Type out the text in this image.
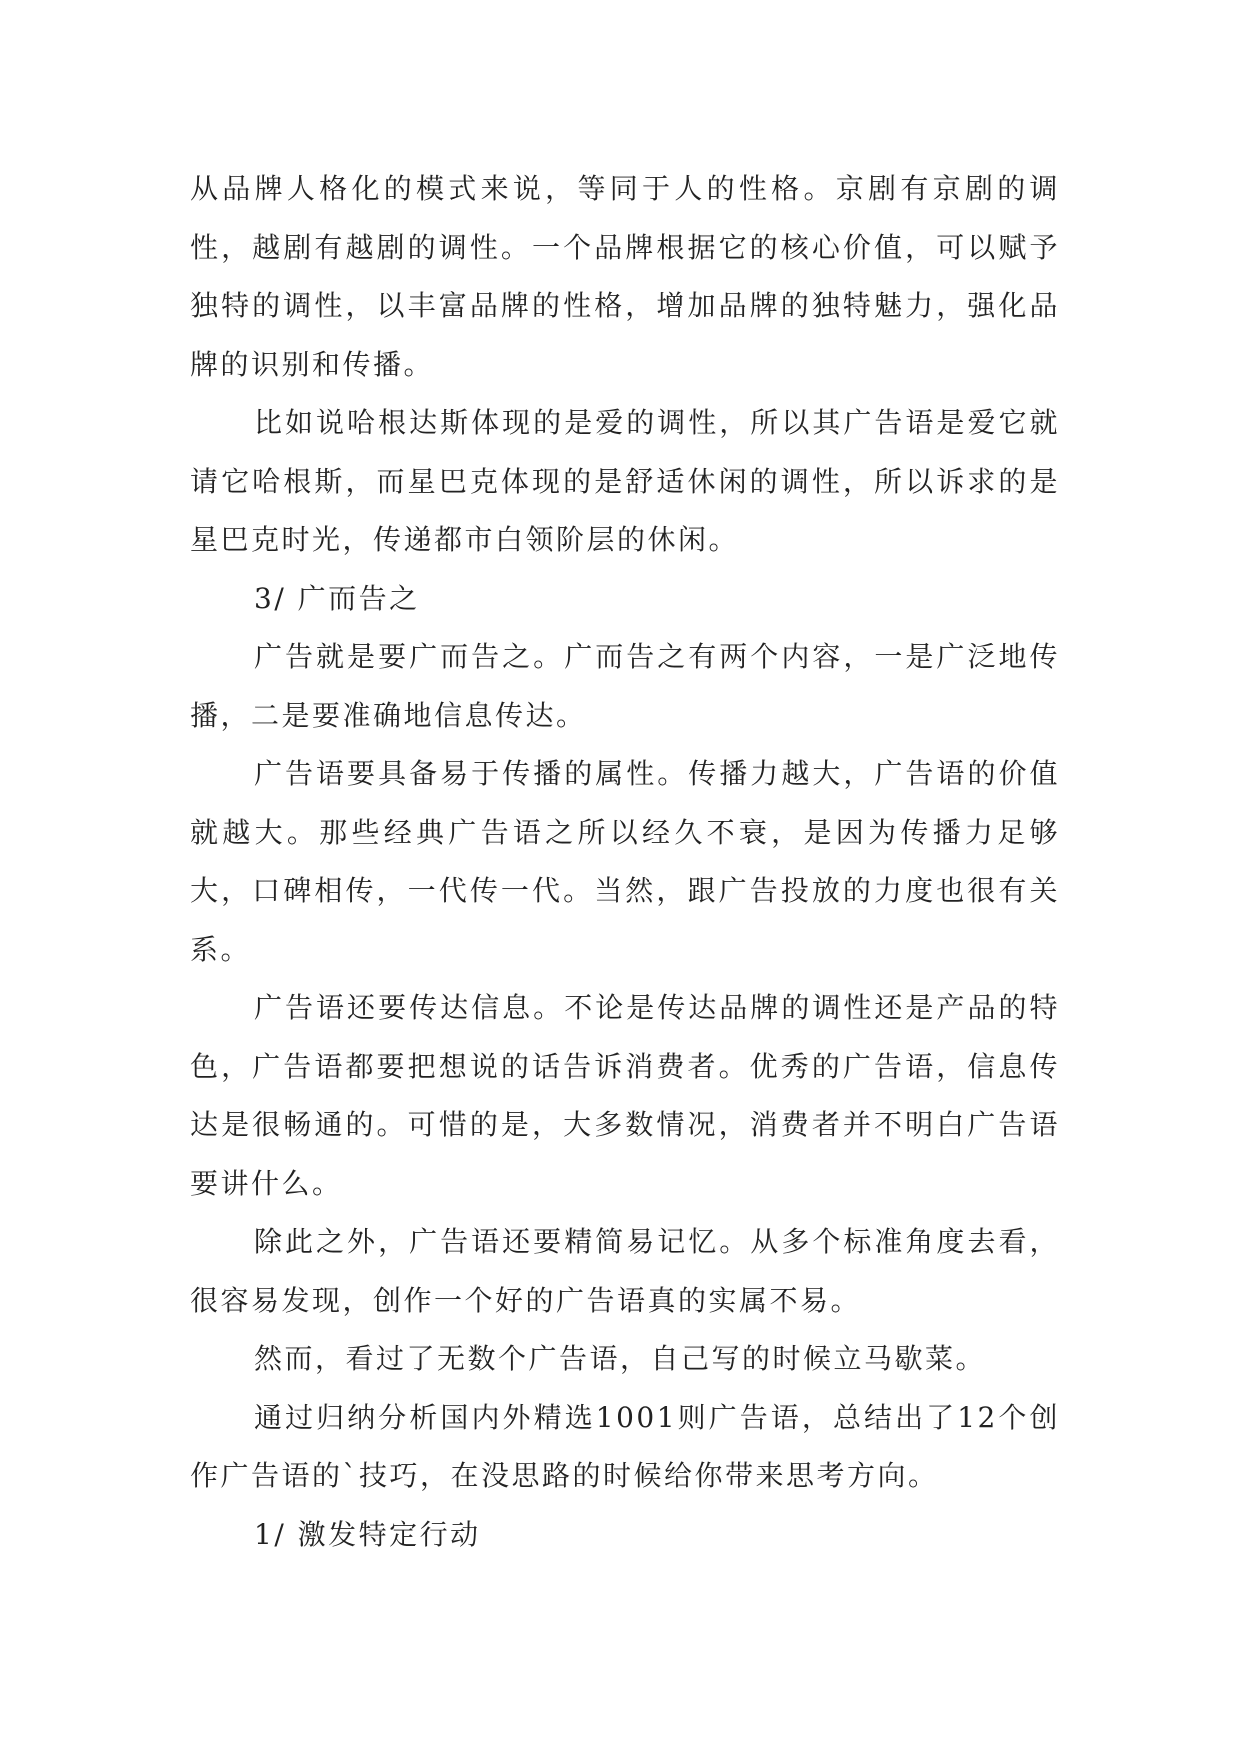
从品牌人格化的模式来说，等同于人的性格。京剧有京剧的调性，越剧有越剧的调性。一个品牌根据它的核心价值，可以赋予独特的调性，以丰富品牌的性格，增加品牌的独特魅力，强化品牌的识别和传播。

比如说哈根达斯体现的是爱的调性，所以其广告语是爱它就请它哈根斯，而星巴克体现的是舒适休闲的调性，所以诉求的是星巴克时光，传递都市白领阶层的休闲。

3/ 广而告之

广告就是要广而告之。广而告之有两个内容，一是广泛地传播，二是要准确地信息传达。

广告语要具备易于传播的属性。传播力越大，广告语的价值就越大。那些经典广告语之所以经久不衰，是因为传播力足够大，口碑相传，一代传一代。当然，跟广告投放的力度也很有关系。

广告语还要传达信息。不论是传达品牌的调性还是产品的特色，广告语都要把想说的话告诉消费者。优秀的广告语，信息传达是很畅通的。可惜的是，大多数情况，消费者并不明白广告语要讲什么。

除此之外，广告语还要精简易记忆。从多个标准角度去看，很容易发现，创作一个好的广告语真的实属不易。

然而，看过了无数个广告语，自己写的时候立马歇菜。

通过归纳分析国内外精选1001则广告语，总结出了12个创作广告语的`技巧，在没思路的时候给你带来思考方向。

1/ 激发特定行动
